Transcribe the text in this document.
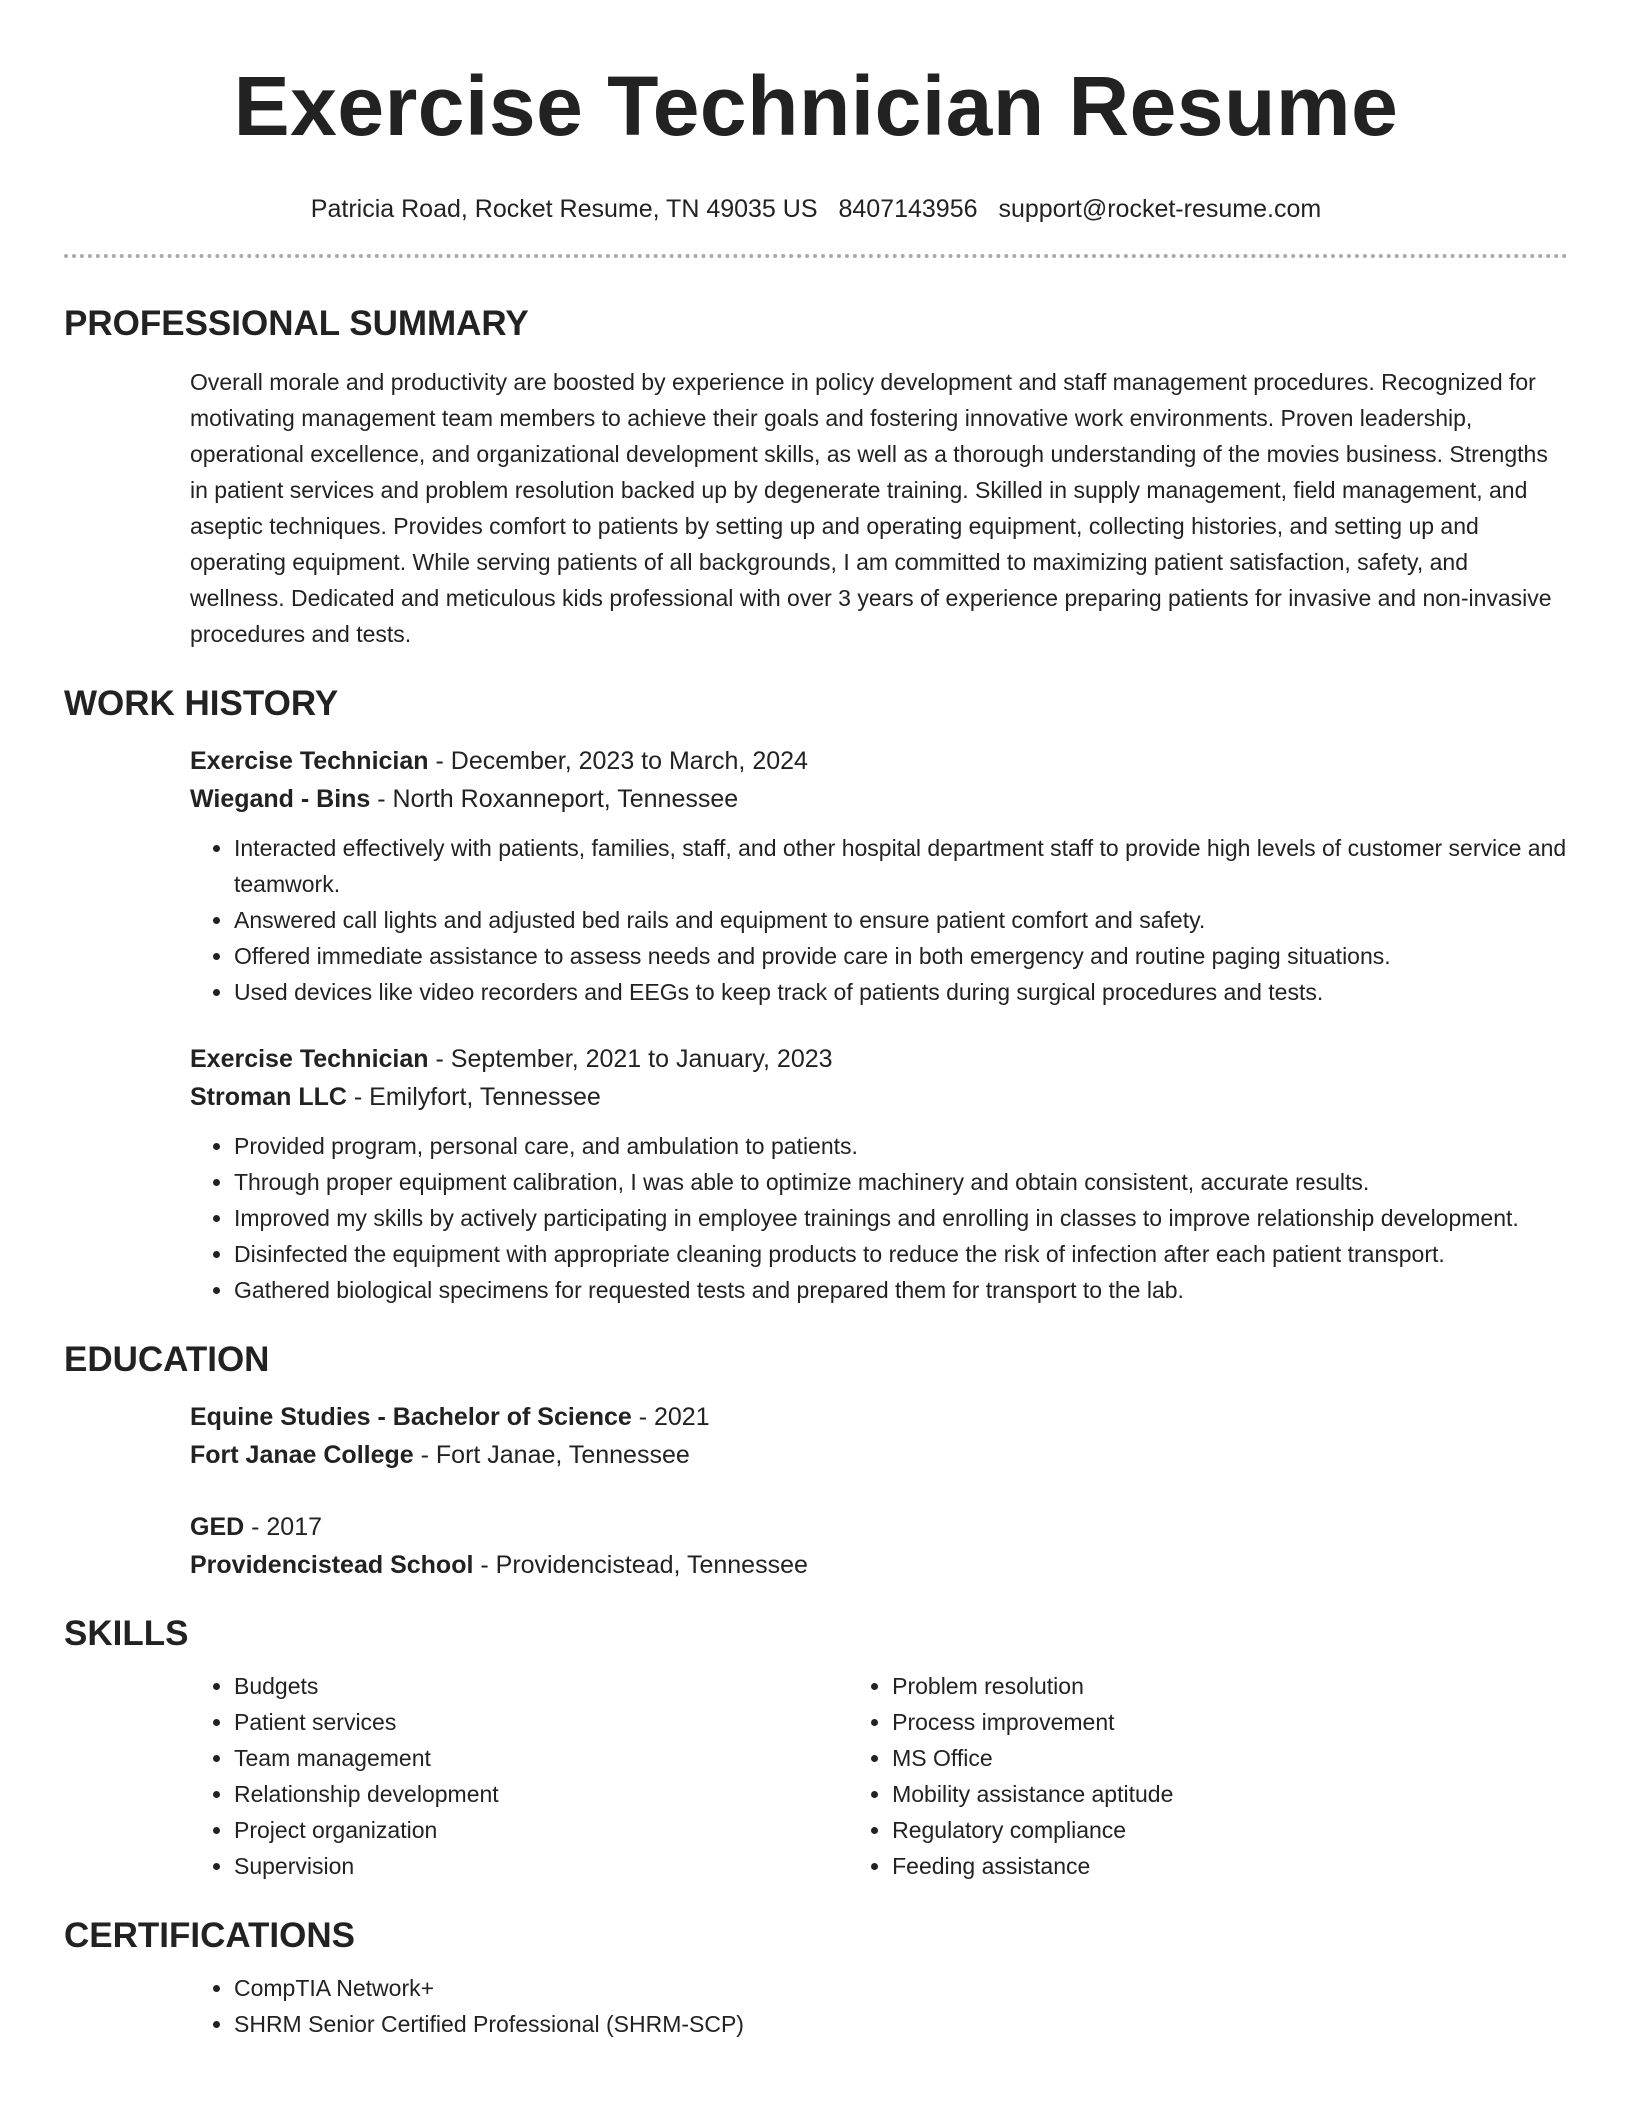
Exercise Technician Resume
Patricia Road, Rocket Resume, TN 49035 US 8407143956 support@rocket-resume.com
PROFESSIONAL SUMMARY
Overall morale and productivity are boosted by experience in policy development and staff management procedures. Recognized for motivating management team members to achieve their goals and fostering innovative work environments. Proven leadership, operational excellence, and organizational development skills, as well as a thorough understanding of the movies business. Strengths in patient services and problem resolution backed up by degenerate training. Skilled in supply management, field management, and aseptic techniques. Provides comfort to patients by setting up and operating equipment, collecting histories, and setting up and operating equipment. While serving patients of all backgrounds, I am committed to maximizing patient satisfaction, safety, and wellness. Dedicated and meticulous kids professional with over 3 years of experience preparing patients for invasive and non-invasive procedures and tests.
WORK HISTORY
Exercise Technician - December, 2023 to March, 2024
Wiegand - Bins - North Roxanneport, Tennessee
• Interacted effectively with patients, families, staff, and other hospital department staff to provide high levels of customer service and teamwork.
• Answered call lights and adjusted bed rails and equipment to ensure patient comfort and safety.
• Offered immediate assistance to assess needs and provide care in both emergency and routine paging situations.
• Used devices like video recorders and EEGs to keep track of patients during surgical procedures and tests.
Exercise Technician - September, 2021 to January, 2023
Stroman LLC - Emilyfort, Tennessee
• Provided program, personal care, and ambulation to patients.
• Through proper equipment calibration, I was able to optimize machinery and obtain consistent, accurate results.
• Improved my skills by actively participating in employee trainings and enrolling in classes to improve relationship development.
• Disinfected the equipment with appropriate cleaning products to reduce the risk of infection after each patient transport.
• Gathered biological specimens for requested tests and prepared them for transport to the lab.
EDUCATION
Equine Studies - Bachelor of Science - 2021
Fort Janae College - Fort Janae, Tennessee
GED - 2017
Providencistead School - Providencistead, Tennessee
SKILLS
• Budgets
• Patient services
• Team management
• Relationship development
• Project organization
• Supervision
• Problem resolution
• Process improvement
• MS Office
• Mobility assistance aptitude
• Regulatory compliance
• Feeding assistance
CERTIFICATIONS
• CompTIA Network+
• SHRM Senior Certified Professional (SHRM-SCP)
